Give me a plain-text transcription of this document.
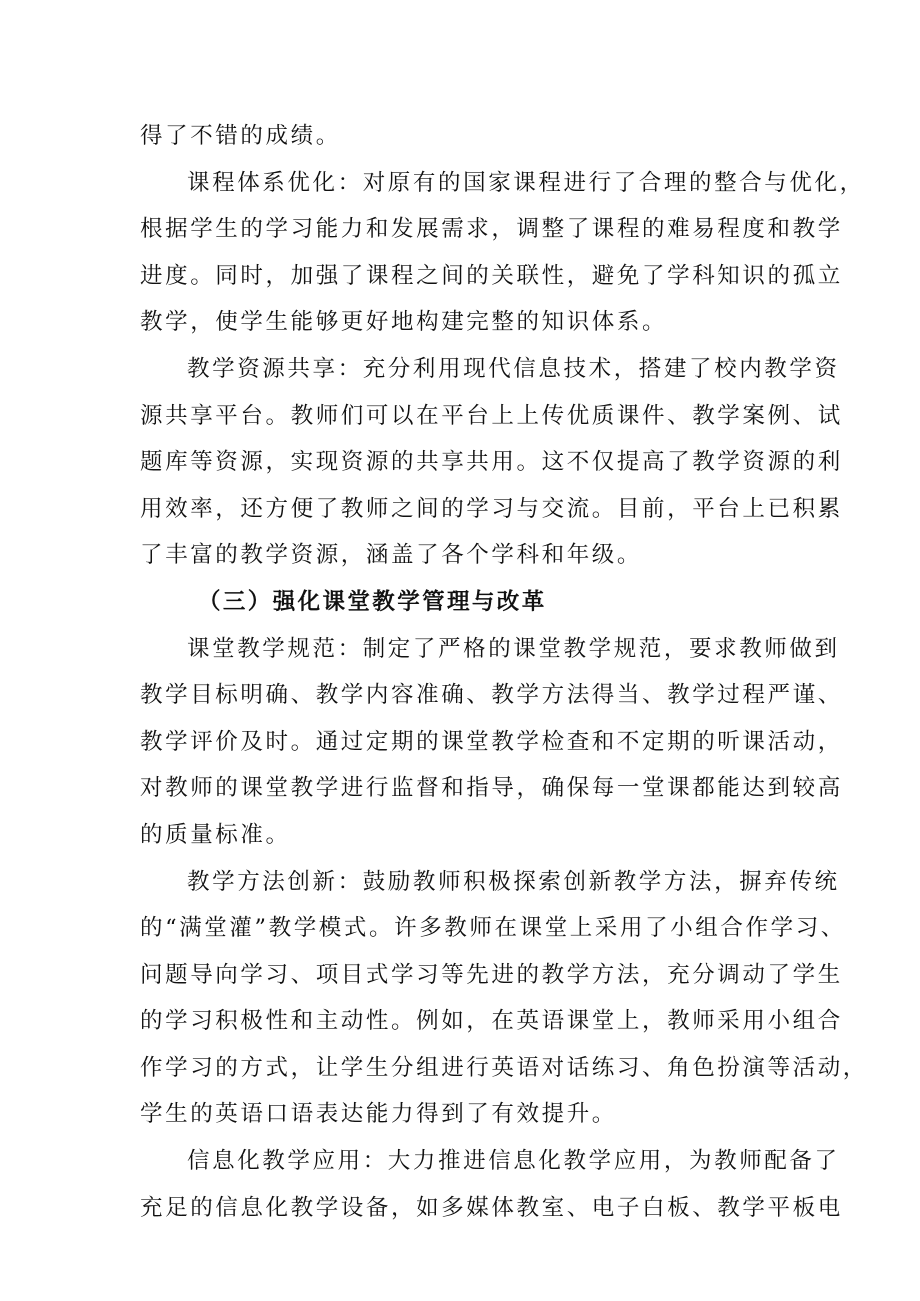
得了不错的成绩。
课程体系优化：对原有的国家课程进行了合理的整合与优化，
根据学生的学习能力和发展需求，调整了课程的难易程度和教学
进度。同时，加强了课程之间的关联性，避免了学科知识的孤立
教学，使学生能够更好地构建完整的知识体系。
教学资源共享：充分利用现代信息技术，搭建了校内教学资
源共享平台。教师们可以在平台上上传优质课件、教学案例、试
题库等资源，实现资源的共享共用。这不仅提高了教学资源的利
用效率，还方便了教师之间的学习与交流。目前，平台上已积累
了丰富的教学资源，涵盖了各个学科和年级。
（三）强化课堂教学管理与改革
课堂教学规范：制定了严格的课堂教学规范，要求教师做到
教学目标明确、教学内容准确、教学方法得当、教学过程严谨、
教学评价及时。通过定期的课堂教学检查和不定期的听课活动，
对教师的课堂教学进行监督和指导，确保每一堂课都能达到较高
的质量标准。
教学方法创新：鼓励教师积极探索创新教学方法，摒弃传统
的“满堂灌”教学模式。许多教师在课堂上采用了小组合作学习、
问题导向学习、项目式学习等先进的教学方法，充分调动了学生
的学习积极性和主动性。例如，在英语课堂上，教师采用小组合
作学习的方式，让学生分组进行英语对话练习、角色扮演等活动，
学生的英语口语表达能力得到了有效提升。
信息化教学应用：大力推进信息化教学应用，为教师配备了
充足的信息化教学设备，如多媒体教室、电子白板、教学平板电
